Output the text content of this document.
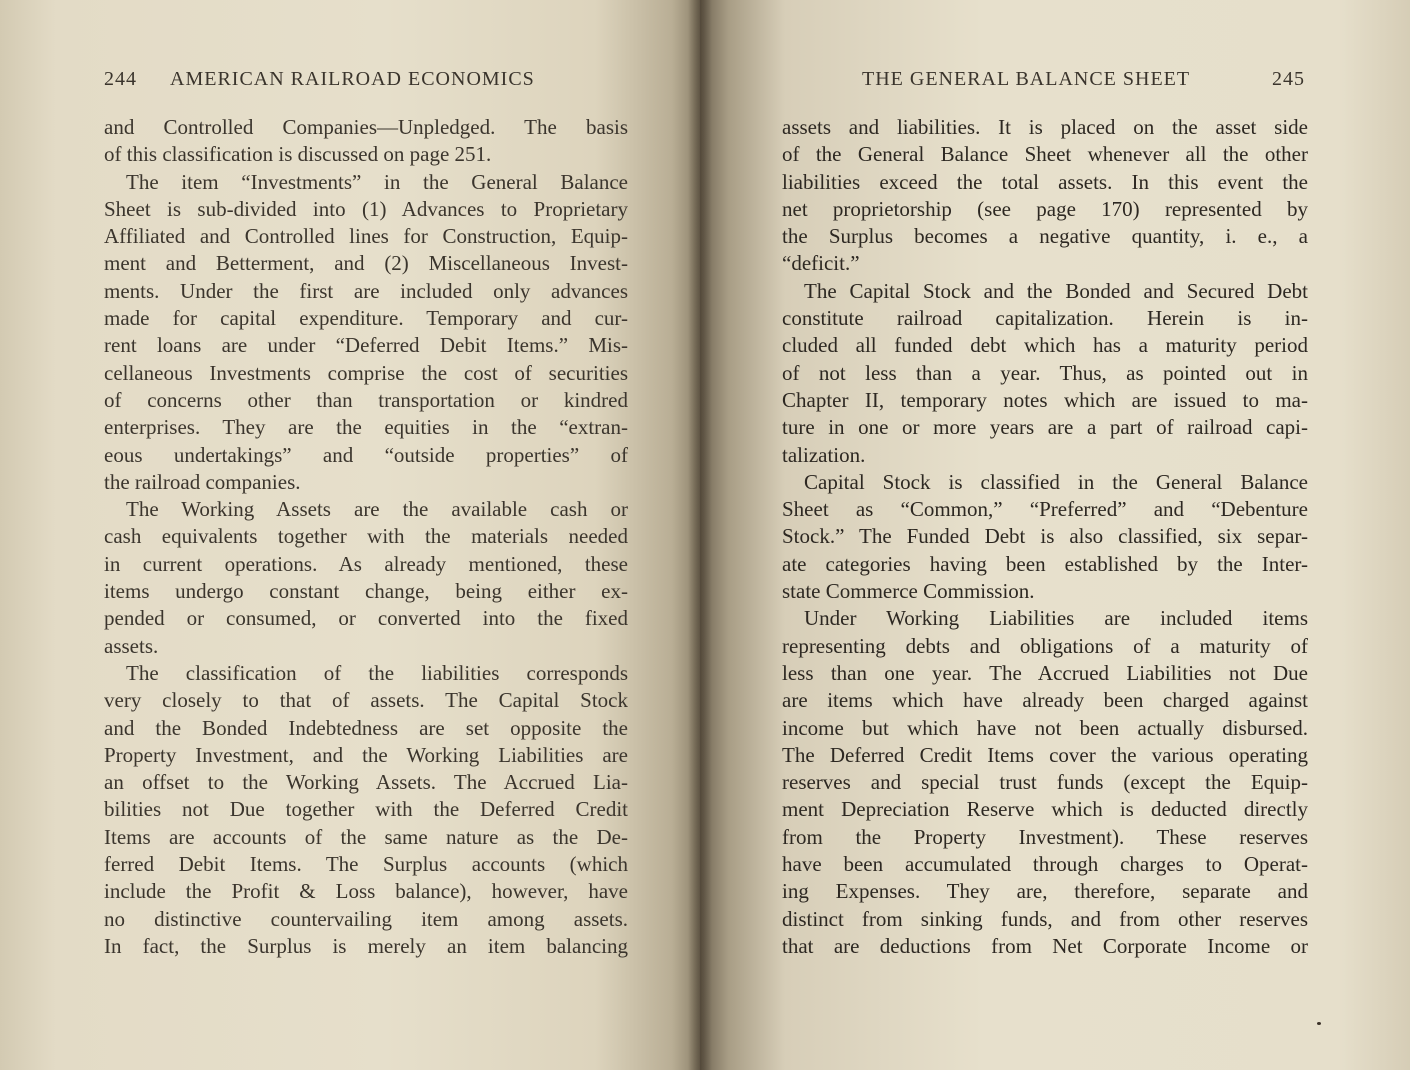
244 AMERICAN RAILROAD ECONOMICS
and Controlled Companies—Unpledged. The basis
of this classification is discussed on page 251.
The item “Investments” in the General Balance
Sheet is sub-divided into (1) Advances to Proprietary
Affiliated and Controlled lines for Construction, Equip-
ment and Betterment, and (2) Miscellaneous Invest-
ments. Under the first are included only advances
made for capital expenditure. Temporary and cur-
rent loans are under “Deferred Debit Items.” Mis-
cellaneous Investments comprise the cost of securities
of concerns other than transportation or kindred
enterprises. They are the equities in the “extran-
eous undertakings” and “outside properties” of
the railroad companies.
The Working Assets are the available cash or
cash equivalents together with the materials needed
in current operations. As already mentioned, these
items undergo constant change, being either ex-
pended or consumed, or converted into the fixed
assets.
The classification of the liabilities corresponds
very closely to that of assets. The Capital Stock
and the Bonded Indebtedness are set opposite the
Property Investment, and the Working Liabilities are
an offset to the Working Assets. The Accrued Lia-
bilities not Due together with the Deferred Credit
Items are accounts of the same nature as the De-
ferred Debit Items. The Surplus accounts (which
include the Profit & Loss balance), however, have
no distinctive countervailing item among assets.
In fact, the Surplus is merely an item balancing
THE GENERAL BALANCE SHEET	245
assets and liabilities. It is placed on the asset side
of the General Balance Sheet whenever all the other
liabilities exceed the total assets. In this event the
net proprietorship (see page 170) represented by
the Surplus becomes a negative quantity, i. e., a
“deficit.”
The Capital Stock and the Bonded and Secured Debt
constitute railroad capitalization. Herein is in-
cluded all funded debt which has a maturity period
of not less than a year. Thus, as pointed out in
Chapter II, temporary notes which are issued to ma-
ture in one or more years are a part of railroad capi-
talization.
Capital Stock is classified in the General Balance
Sheet as “Common,” “Preferred” and “Debenture
Stock.” The Funded Debt is also classified, six separ-
ate categories having been established by the Inter-
state Commerce Commission.
Under Working Liabilities are included items
representing debts and obligations of a maturity of
less than one year. The Accrued Liabilities not Due
are items which have already been charged against
income but which have not been actually disbursed.
The Deferred Credit Items cover the various operating
reserves and special trust funds (except the Equip-
ment Depreciation Reserve which is deducted directly
from the Property Investment). These reserves
have been accumulated through charges to Operat-
ing Expenses. They are, therefore, separate and
distinct from sinking funds, and from other reserves
that are deductions from Net Corporate Income or
